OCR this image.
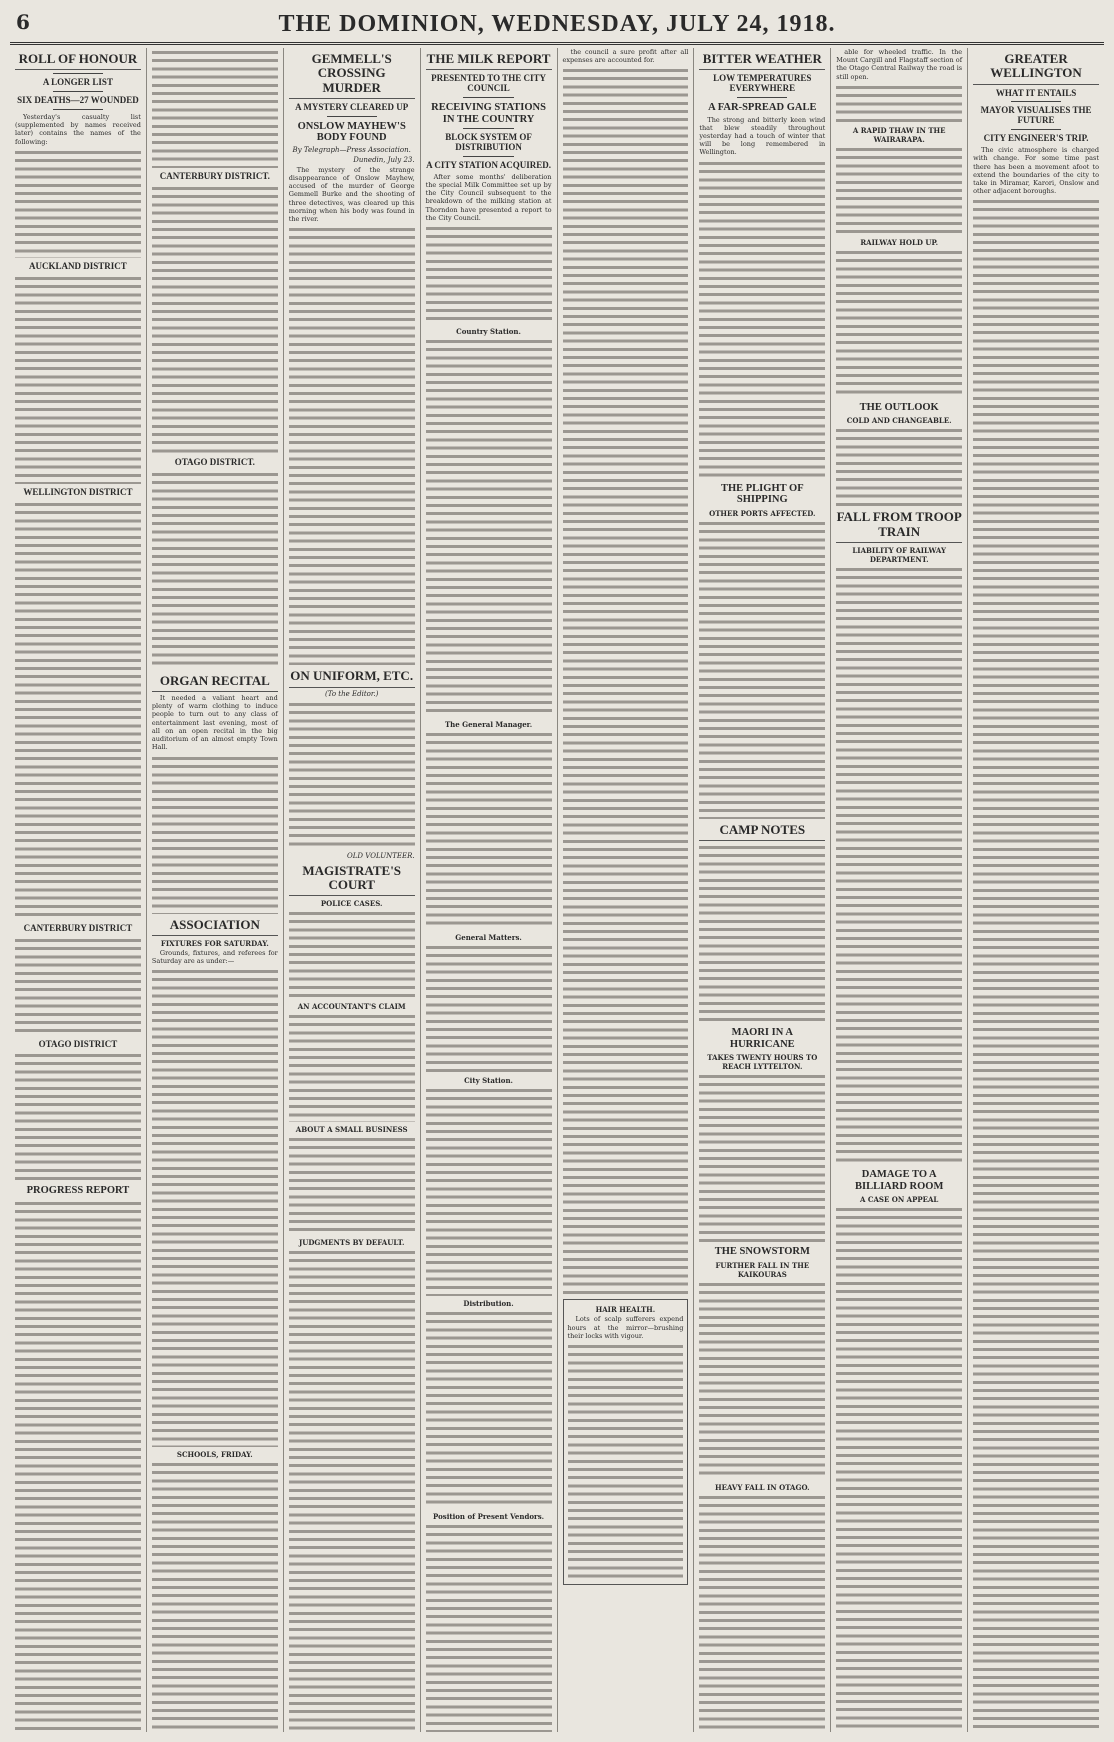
6	THE DOMINION, WEDNESDAY, JULY 24, 1918.
ROLL OF HONOUR
A LONGER LIST
SIX DEATHS—27 WOUNDED

Yesterday's casualty list (supplemented by names received later) contains the names of the following:

AUCKLAND DISTRICT
WELLINGTON DISTRICT
CANTERBURY DISTRICT
OTAGO DISTRICT
PROGRESS REPORT
CANTERBURY DISTRICT.
OTAGO DISTRICT.
ORGAN RECITAL

It needed a valiant heart and plenty of warm clothing to induce people to turn out to any class of entertainment last evening, most of all on an open recital in the big auditorium of an almost empty Town Hall.

ASSOCIATION
FIXTURES FOR SATURDAY.

Grounds, fixtures, and referees for Saturday are as under:—

SCHOOLS, FRIDAY.
GEMMELL'S CROSSING MURDER
A MYSTERY CLEARED UP
ONSLOW MAYHEW'S BODY FOUND
By Telegraph—Press Association.
Dunedin, July 23.

The mystery of the strange disappearance of Onslow Mayhew, accused of the murder of George Gemmell Burke and the shooting of three detectives, was cleared up this morning when his body was found in the river.

ON UNIFORM, ETC.
(To the Editor.)
OLD VOLUNTEER.
MAGISTRATE'S COURT
POLICE CASES.
AN ACCOUNTANT'S CLAIM
ABOUT A SMALL BUSINESS
JUDGMENTS BY DEFAULT.
THE MILK REPORT
PRESENTED TO THE CITY COUNCIL
RECEIVING STATIONS IN THE COUNTRY
BLOCK SYSTEM OF DISTRIBUTION
A CITY STATION ACQUIRED.

After some months' deliberation the special Milk Committee set up by the City Council subsequent to the breakdown of the milking station at Thorndon have presented a report to the City Council.

Country Station.
The General Manager.
General Matters.
City Station.
Distribution.
Position of Present Vendors.

the council a sure profit after all expenses are accounted for.

HAIR HEALTH.

Lots of scalp sufferers expend hours at the mirror—brushing their locks with vigour.

BITTER WEATHER
LOW TEMPERATURES EVERYWHERE
A FAR-SPREAD GALE

The strong and bitterly keen wind that blew steadily throughout yesterday had a touch of winter that will be long remembered in Wellington.

THE PLIGHT OF SHIPPING
OTHER PORTS AFFECTED.
CAMP NOTES
MAORI IN A HURRICANE
TAKES TWENTY HOURS TO REACH LYTTELTON.
THE SNOWSTORM
FURTHER FALL IN THE KAIKOURAS
HEAVY FALL IN OTAGO.

able for wheeled traffic. In the Mount Cargill and Flagstaff section of the Otago Central Railway the road is still open.

A RAPID THAW IN THE WAIRARAPA.
RAILWAY HOLD UP.
THE OUTLOOK
COLD AND CHANGEABLE.
FALL FROM TROOP TRAIN
LIABILITY OF RAILWAY DEPARTMENT.
DAMAGE TO A BILLIARD ROOM
A CASE ON APPEAL
GREATER WELLINGTON
WHAT IT ENTAILS
MAYOR VISUALISES THE FUTURE
CITY ENGINEER'S TRIP.

The civic atmosphere is charged with change. For some time past there has been a movement afoot to extend the boundaries of the city to take in Miramar, Karori, Onslow and other adjacent boroughs.
